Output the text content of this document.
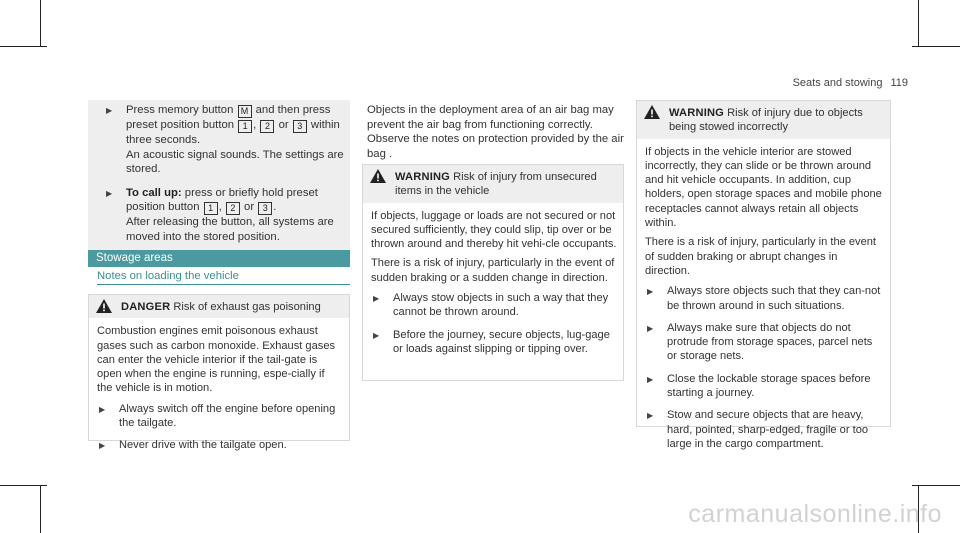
Seats and stowing 119
▶ Press memory button M and then press preset position button 1 , 2 or 3 within three seconds.
An acoustic signal sounds. The settings are stored.
▶ To call up: press or briefly hold preset position button 1 , 2 or 3 .
After releasing the button, all systems are moved into the stored position.
Stowage areas
Notes on loading the vehicle
DANGER Risk of exhaust gas poisoning

Combustion engines emit poisonous exhaust gases such as carbon monoxide. Exhaust gases can enter the vehicle interior if the tail-gate is open when the engine is running, espe-cially if the vehicle is in motion.

▶ Always switch off the engine before opening the tailgate.
▶ Never drive with the tailgate open.
Objects in the deployment area of an air bag may prevent the air bag from functioning correctly. Observe the notes on protection provided by the air bag .
WARNING Risk of injury from unsecured items in the vehicle

If objects, luggage or loads are not secured or not secured sufficiently, they could slip, tip over or be thrown around and thereby hit vehi-cle occupants.

There is a risk of injury, particularly in the event of sudden braking or a sudden change in direction.

▶ Always stow objects in such a way that they cannot be thrown around.
▶ Before the journey, secure objects, lug-gage or loads against slipping or tipping over.
WARNING Risk of injury due to objects being stowed incorrectly

If objects in the vehicle interior are stowed incorrectly, they can slide or be thrown around and hit vehicle occupants. In addition, cup holders, open storage spaces and mobile phone receptacles cannot always retain all objects within.

There is a risk of injury, particularly in the event of sudden braking or abrupt changes in direction.

▶ Always store objects such that they can-not be thrown around in such situations.
▶ Always make sure that objects do not protrude from storage spaces, parcel nets or storage nets.
▶ Close the lockable storage spaces before starting a journey.
▶ Stow and secure objects that are heavy, hard, pointed, sharp-edged, fragile or too large in the cargo compartment.
carmanualsonline.info
